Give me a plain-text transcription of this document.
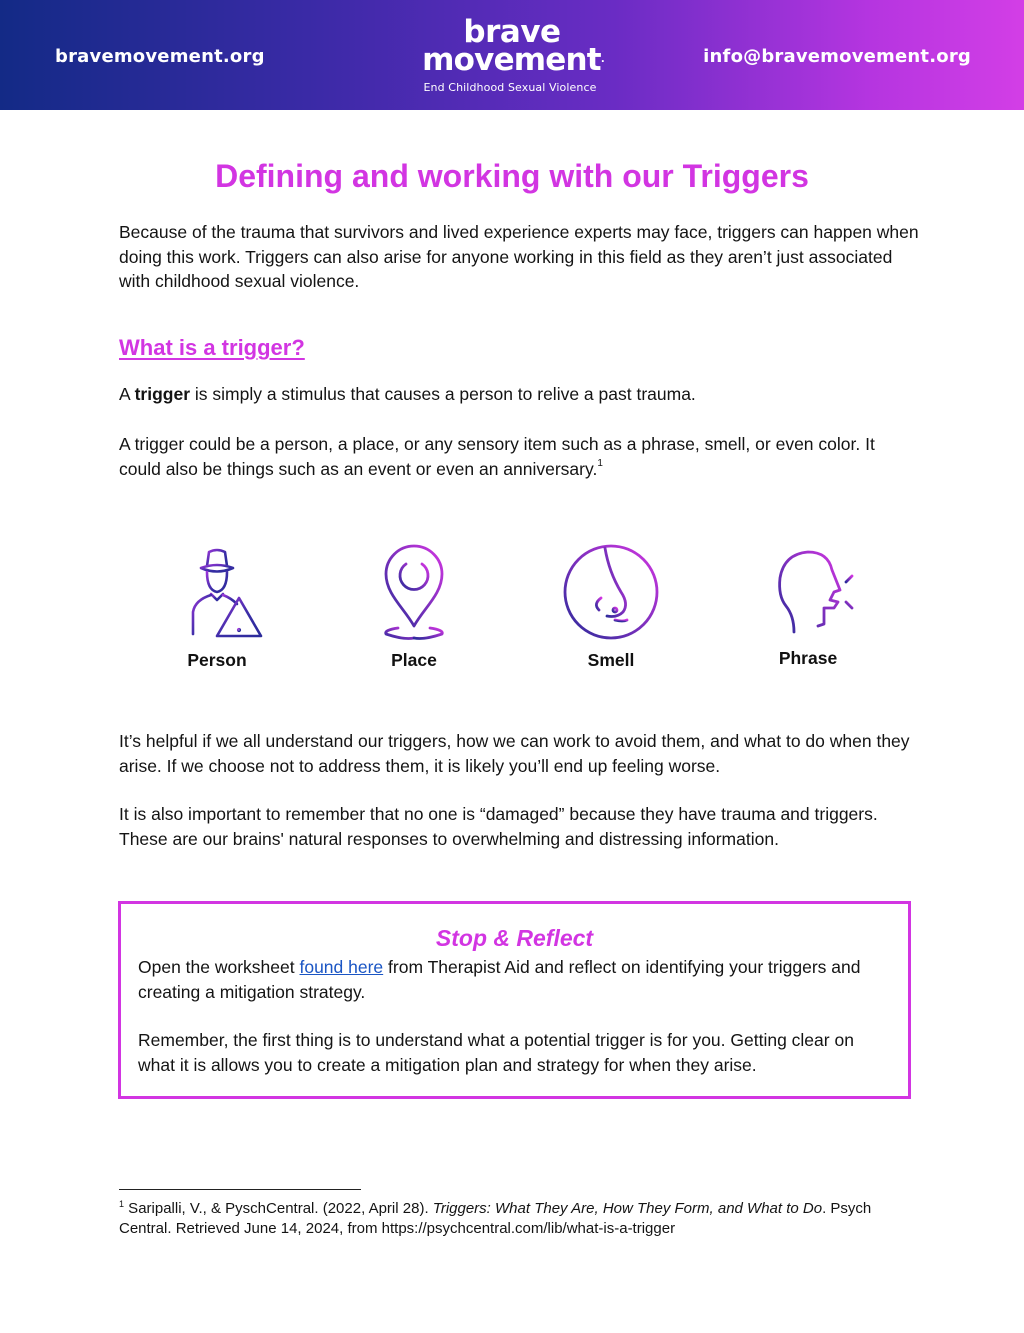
bravemovement.org
brave
movement.
End Childhood Sexual Violence
info@bravemovement.org
Defining and working with our Triggers

Because of the trauma that survivors and lived experience experts may face, triggers can happen when doing this work. Triggers can also arise for anyone working in this field as they aren’t just associated with childhood sexual violence.

What is a trigger?

A trigger is simply a stimulus that causes a person to relive a past trauma.

A trigger could be a person, a place, or any sensory item such as a phrase, smell, or even color. It could also be things such as an event or even an anniversary.$^1$

Person	Place	Smell	Phrase

It’s helpful if we all understand our triggers, how we can work to avoid them, and what to do when they arise. If we choose not to address them, it is likely you’ll end up feeling worse.

It is also important to remember that no one is “damaged” because they have trauma and triggers. These are our brains' natural responses to overwhelming and distressing information.

Stop & Reflect

Open the worksheet found here from Therapist Aid and reflect on identifying your triggers and creating a mitigation strategy.

Remember, the first thing is to understand what a potential trigger is for you. Getting clear on what it is allows you to create a mitigation plan and strategy for when they arise.

$^1$ Saripalli, V., & PyschCentral. (2022, April 28). Triggers: What They Are, How They Form, and What to Do. Psych Central. Retrieved June 14, 2024, from https://psychcentral.com/lib/what-is-a-trigger
